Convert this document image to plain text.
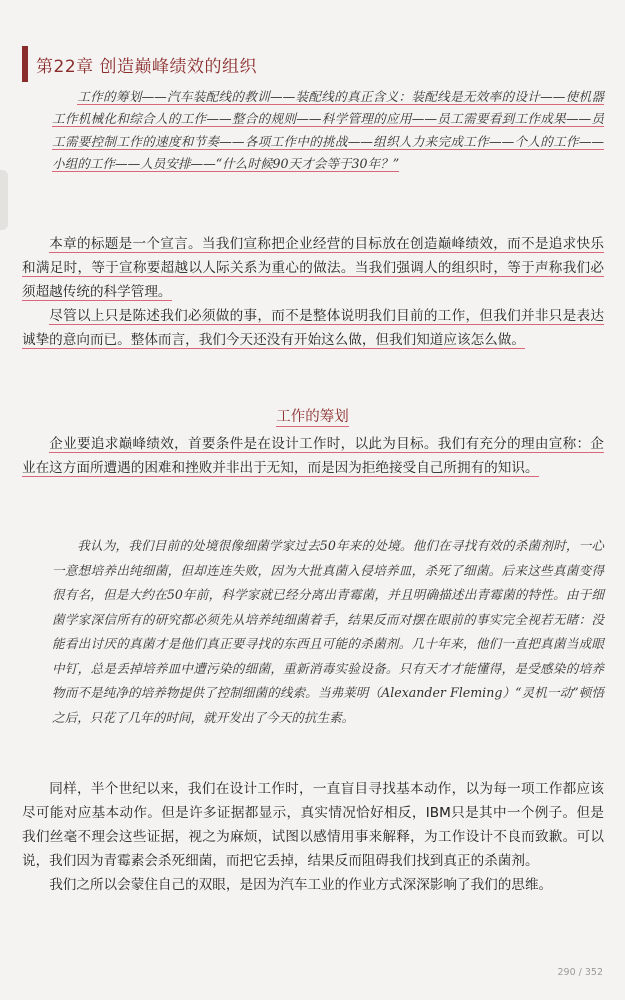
第22章 创造巅峰绩效的组织
工作的筹划——汽车装配线的教训——装配线的真正含义：装配线是无效率的设计——使机器工作机械化和综合人的工作——整合的规则——科学管理的应用——员工需要看到工作成果——员工需要控制工作的速度和节奏——各项工作中的挑战——组织人力来完成工作——个人的工作——小组的工作——人员安排——“什么时候90天才会等于30年？”

本章的标题是一个宣言。当我们宣称把企业经营的目标放在创造巅峰绩效，而不是追求快乐和满足时，等于宣称要超越以人际关系为重心的做法。当我们强调人的组织时，等于声称我们必须超越传统的科学管理。

尽管以上只是陈述我们必须做的事，而不是整体说明我们目前的工作，但我们并非只是表达诚挚的意向而已。整体而言，我们今天还没有开始这么做，但我们知道应该怎么做。

工作的筹划

企业要追求巅峰绩效，首要条件是在设计工作时，以此为目标。我们有充分的理由宣称：企业在这方面所遭遇的困难和挫败并非出于无知，而是因为拒绝接受自己所拥有的知识。

我认为，我们目前的处境很像细菌学家过去50年来的处境。他们在寻找有效的杀菌剂时，一心一意想培养出纯细菌，但却连连失败，因为大批真菌入侵培养皿，杀死了细菌。后来这些真菌变得很有名，但是大约在50年前，科学家就已经分离出青霉菌，并且明确描述出青霉菌的特性。由于细菌学家深信所有的研究都必须先从培养纯细菌着手，结果反而对摆在眼前的事实完全视若无睹：没能看出讨厌的真菌才是他们真正要寻找的东西且可能的杀菌剂。几十年来，他们一直把真菌当成眼中钉，总是丢掉培养皿中遭污染的细菌，重新消毒实验设备。只有天才才能懂得，是受感染的培养物而不是纯净的培养物提供了控制细菌的线索。当弗莱明（Alexander Fleming）“灵机一动”顿悟之后，只花了几年的时间，就开发出了今天的抗生素。

同样，半个世纪以来，我们在设计工作时，一直盲目寻找基本动作，以为每一项工作都应该尽可能对应基本动作。但是许多证据都显示，真实情况恰好相反，IBM只是其中一个例子。但是我们丝毫不理会这些证据，视之为麻烦，试图以感情用事来解释，为工作设计不良而致歉。可以说，我们因为青霉素会杀死细菌，而把它丢掉，结果反而阻碍我们找到真正的杀菌剂。

我们之所以会蒙住自己的双眼，是因为汽车工业的作业方式深深影响了我们的思维。

290 / 352
